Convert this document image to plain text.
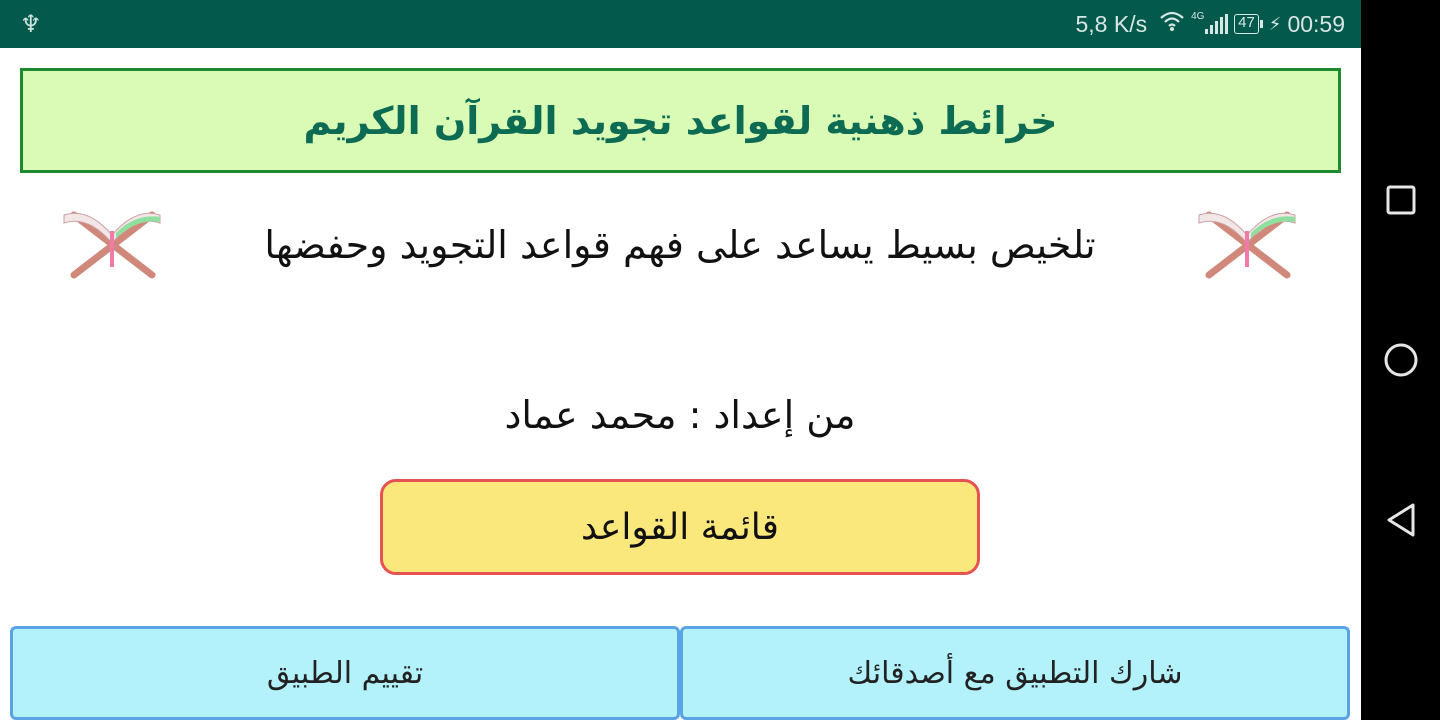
♆	5,8 K/s	4G 47 ⚡︎ 00:59
خرائط ذهنية لقواعد تجويد القرآن الكريم
تلخيص بسيط يساعد على فهم قواعد التجويد وحفضها
من إعداد : محمد عماد
قائمة القواعد
تقييم الطبيق	شارك التطبيق مع أصدقائك
